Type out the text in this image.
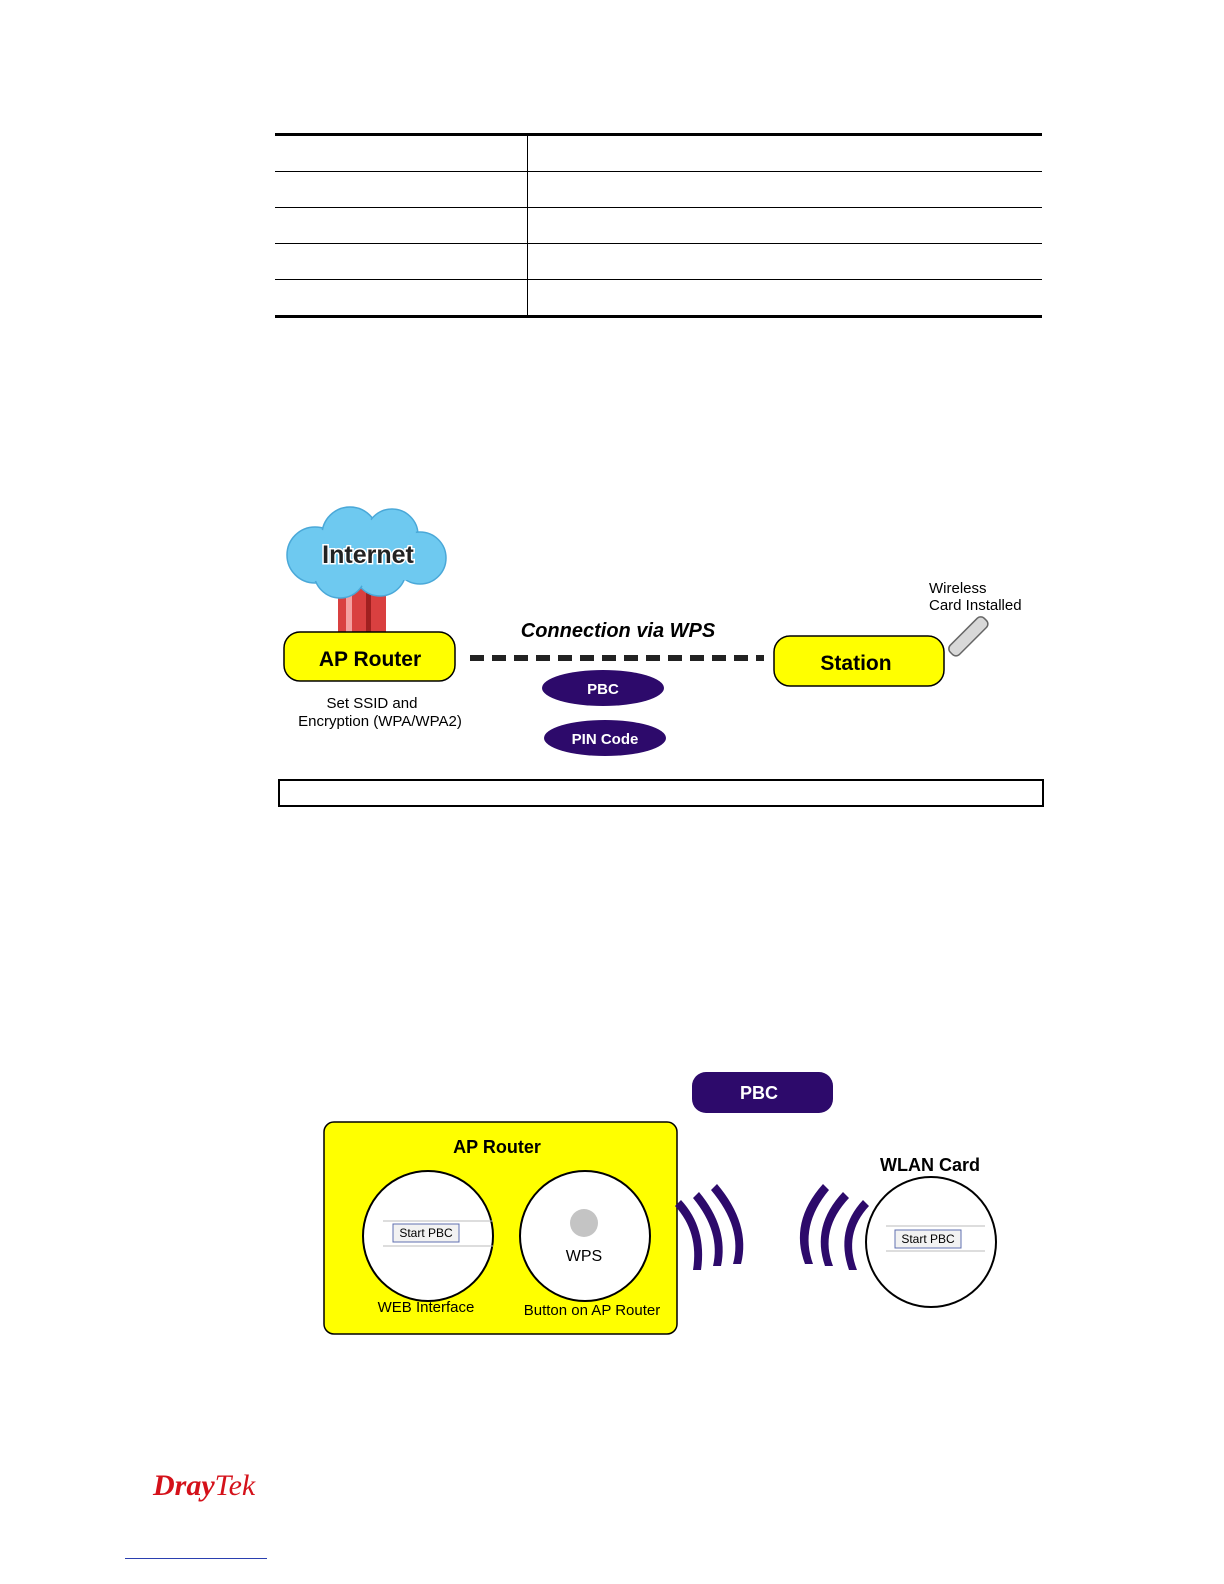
Internet
AP Router
Set SSID and
Encryption (WPA/WPA2)
Connection via WPS
PBC
PIN Code
Station
Wireless
Card Installed
PBC
AP Router
Start PBC
WEB Interface
WPS
Button on AP Router
WLAN Card
Start PBC
DrayTek
